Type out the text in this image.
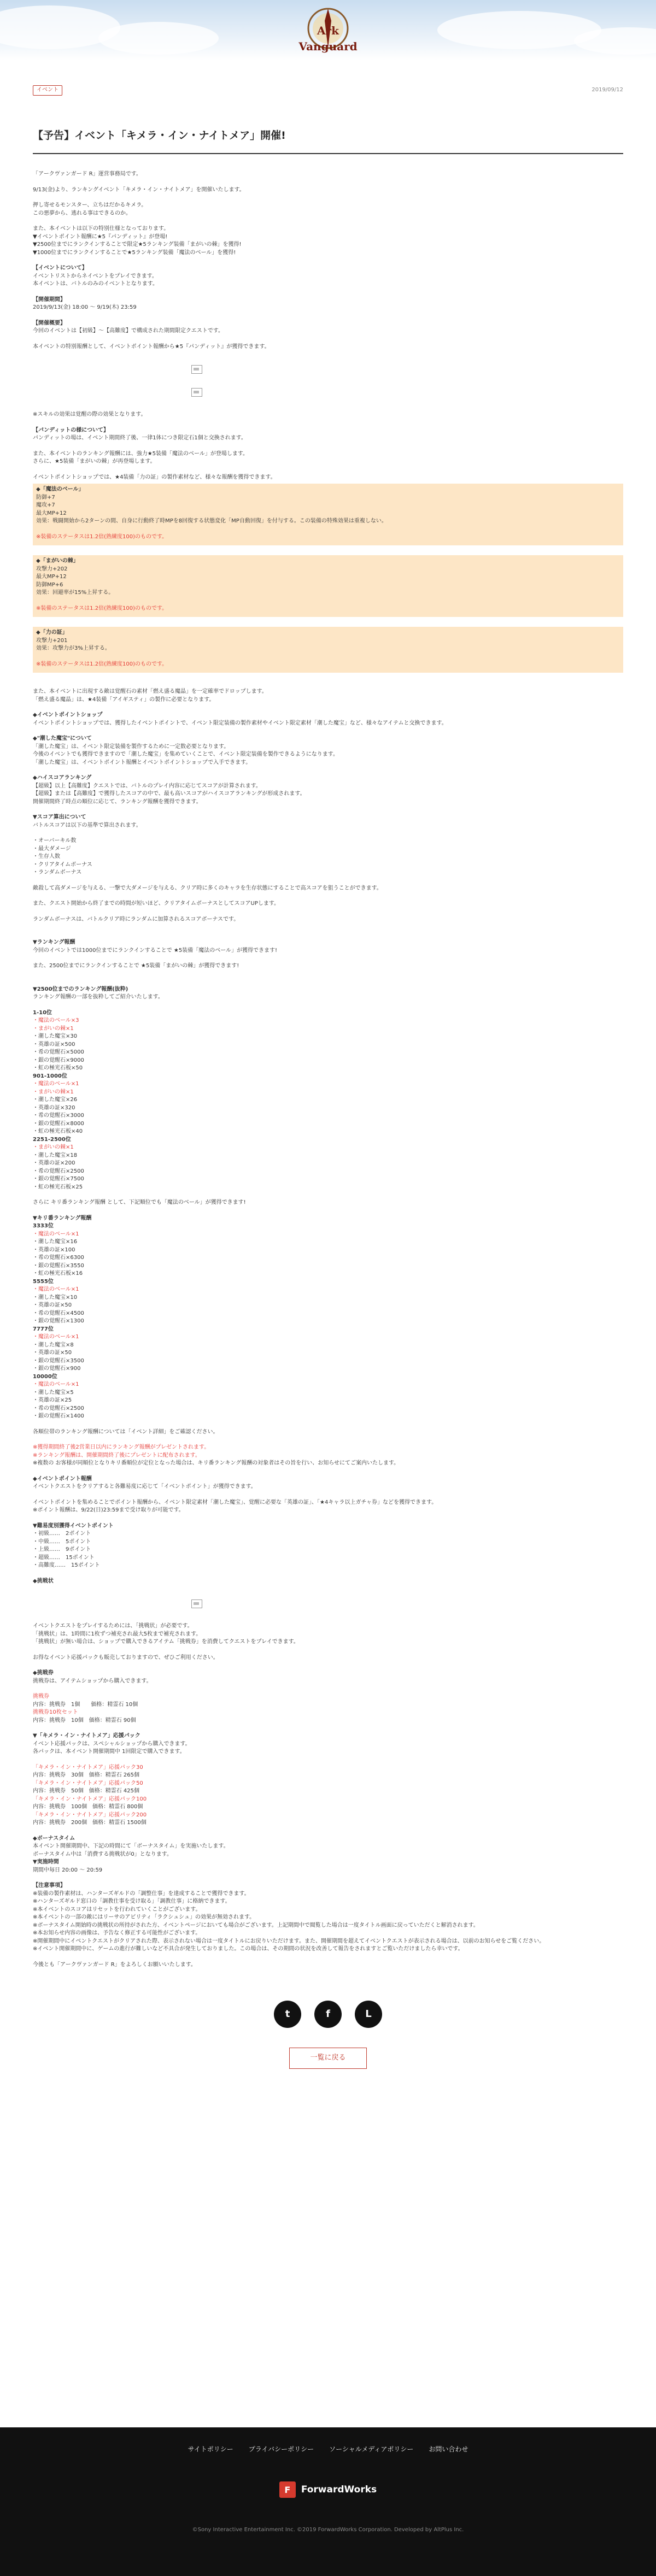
Ark Vanguard
イベント	2019/09/12
【予告】イベント「キメラ・イン・ナイトメア」開催!

「アークヴァンガード R」運営事務局です。

9/13(金)より、ランキングイベント「キメラ・イン・ナイトメア」を開催いたします。

押し寄せるモンスター、立ちはだかるキメラ。

この悪夢から、逃れる事はできるのか。

また、本イベントは以下の特別仕様となっております。

▼イベントポイント報酬に★5『パンディット』が登場!

▼2500位までにランクインすることで限定★5ランキング装備「まがいの棘」を獲得!

▼1000位までにランクインすることで★5ランキング装備「魔法のベール」を獲得!

【イベントについて】

イベントリストからネイベントをプレイできます。

本イベントは、バトルのみのイベントとなります。

【開催期間】

2019/9/13(金) 18:00 ～ 9/19(木) 23:59

【開催概要】

今回のイベントは【初級】～【高難度】で構成された期間限定クエストです。

本イベントの特別報酬として、イベントポイント報酬から★5『パンディット』が獲得できます。

※スキルの効果は覚醒の際の効果となります。

【パンディットの様について】

パンディットの場は、イベント期間終了後、一律1体につき限定石1個と交換されます。

また、本イベントのランキング報酬には、強力★5装備「魔法のベール」が登場します。

さらに、★5装備「まがいの棘」が再登場します。

イベントポイントショップでは、★4装備「力の証」の製作素材など、様々な報酬を獲得できます。

◆「魔法のベール」

防御+7

魔攻+7

最大MP+12

効果：戦闘開始から2ターンの間、自身に行動終了時MPを8回復する状態変化「MP自動回復」を付与する。この装備の特殊効果は重複しない。

※装備のステータスは1.2倍(熟練度100)のものです。

◆「まがいの棘」

攻撃力+202

最大MP+12

防御MP+6

効果：回避率が15%上昇する。

※装備のステータスは1.2倍(熟練度100)のものです。

◆「力の証」

攻撃力+201

効果：攻撃力が3%上昇する。

※装備のステータスは1.2倍(熟練度100)のものです。

また、本イベントに出現する敵は覚醒石の素材「燃え盛る魔晶」を一定確率でドロップします。

「燃え盛る魔晶」は、★4装備「アイギスティ」の製作に必要となります。

◆イベントポイントショップ

イベントポイントショップでは、獲得したイベントポイントで、イベント限定装備の製作素材やイベント限定素材「潮した魔宝」など、様々なアイテムと交換できます。

◆"潮した魔宝"について

「潮した魔宝」は、イベント限定装備を製作するために一定数必要となります。

今後のイベントでも獲得できますので「潮した魔宝」を集めていくことで、イベント限定装備を製作できるようになります。

「潮した魔宝」は、イベントポイント報酬とイベントポイントショップで入手できます。

◆ハイスコアランキング

【超級】以上【高難度】クエストでは、バトルのプレイ内容に応じてスコアが計算されます。

【超級】または【高難度】で獲得したスコアの中で、最も高いスコアがハイスコアランキングが形成されます。

開催期間終了時点の順位に応じて、ランキング報酬を獲得できます。

▼スコア算出について

バトルスコアは以下の基準で算出されます。

・オーバーキル数

・最大ダメージ

・生存人数

・クリアタイムボーナス

・ランダムボーナス

敵殺して高ダメージを与える、一撃で大ダメージを与える、クリア時に多くのキャラを生存状態にすることで高スコアを狙うことができます。

また、クエスト開始から終了までの時間が短いほど、クリアタイムボーナスとしてスコアUPします。

ランダムボーナスは、バトルクリア時にランダムに加算されるスコアボーナスです。

▼ランキング報酬

今回のイベントでは1000位までにランクインすることで ★5装備「魔法のベール」が獲得できます!

また、2500位までにランクインすることで ★5装備「まがいの棘」が獲得できます!

▼2500位までのランキング報酬(抜粋)

ランキング報酬の一部を抜粋してご紹介いたします。

1-10位

・魔法のベール×3

・まがいの棘×1

・潮した魔宝×30

・英雄の証×500

・希の覚醒石×5000

・銀の覚醒石×9000

・虹の極光石板×50

901-1000位

・魔法のベール×1

・まがいの棘×1

・潮した魔宝×26

・英雄の証×320

・希の覚醒石×3000

・銀の覚醒石×8000

・虹の極光石板×40

2251-2500位

・まがいの棘×1

・潮した魔宝×18

・英雄の証×200

・希の覚醒石×2500

・銀の覚醒石×7500

・虹の極光石板×25

さらに キリ番ランキング報酬 として、下記順位でも「魔法のベール」が獲得できます!

▼キリ番ランキング報酬

3333位

・魔法のベール×1

・潮した魔宝×16

・英雄の証×100

・希の覚醒石×6300

・銀の覚醒石×3550

・虹の極光石板×16

5555位

・魔法のベール×1

・潮した魔宝×10

・英雄の証×50

・希の覚醒石×4500

・銀の覚醒石×1300

7777位

・魔法のベール×1

・潮した魔宝×8

・英雄の証×50

・銀の覚醒石×3500

・銀の覚醒石×900

10000位

・魔法のベール×1

・潮した魔宝×5

・英雄の証×25

・希の覚醒石×2500

・銀の覚醒石×1400

各順位帯のランキング報酬については「イベント詳細」をご確認ください。

※獲得期間終了後2営業日以内にランキング報酬がプレゼントされます。

※ランキング報酬は、開催期間終了後にプレゼントに配布されます。

※複数の お客様が同順位となりキリ番順位が定位となった場合は、キリ番ランキング報酬の対象者はその旨を行い、お知らせにてご案内いたします。

◆イベントポイント報酬

イベントクエストをクリアすると各難易度に応じて「イベントポイント」が獲得できます。

イベントポイントを集めることでポイント報酬から、イベント限定素材「潮した魔宝」、覚醒に必要な「英雄の証」、「★4キャラ以上ガチャ券」などを獲得できます。

※ポイント報酬は、9/22(日)23:59まで受け取りが可能です。

▼難易度別獲得イベントポイント

・初級……　2ポイント

・中級……　5ポイント

・上級……　9ポイント

・超級……　15ポイント

・高難度……　15ポイント

◆挑戦状

イベントクエストをプレイするためには、「挑戦状」が必要です。

「挑戦状」は、1時間に1枚ずつ補充され最大5枚まで補充されます。

「挑戦状」が無い場合は、ショップで購入できるアイテム「挑戦券」を消費してクエストをプレイできます。

お得なイベント応援パックも販売しておりますので、ぜひご利用ください。

◆挑戦券

挑戦券は、アイテムショップから購入できます。

挑戦券

内容：挑戦券　1個　　価格：精霊石 10個

挑戦券10枚セット

内容：挑戦券　10個　価格：精霊石 90個

▼「キメラ・イン・ナイトメア」応援パック

イベント応援パックは、スペシャルショップから購入できます。

各パックは、本イベント開催期間中 1回限定で購入できます。

「キメラ・イン・ナイトメア」応援パック30

内容：挑戦券　30個　価格：精霊石 265個

「キメラ・イン・ナイトメア」応援パック50

内容：挑戦券　50個　価格：精霊石 425個

「キメラ・イン・ナイトメア」応援パック100

内容：挑戦券　100個　価格：精霊石 800個

「キメラ・イン・ナイトメア」応援パック200

内容：挑戦券　200個　価格：精霊石 1500個

◆ボーナスタイム

本イベント開催期間中、下記の時間にて「ボーナスタイム」を実施いたします。

ボーナスタイム中は「消費する挑戦状が0」となります。

▼実施時間

期間中毎日 20:00 ～ 20:59

【注意事項】

※装備の製作素材は、ハンターズギルドの「調整仕事」を達成することで獲得できます。

※ハンターズギルド窓口の「調教仕事を受け取る」「調教仕事」に格納できます。

※本イベントのスコアはリセットを行われていくことがございます。

※本イベントの一部の敵にはリーサのアビリティ「ラクシュシュ」の効果が無効されます。

※ボーナスタイム開始時の挑戦状の所持がされた方、イベントページにおいても場合がございます。上記期間中で閲覧した場合は一度タイトル画面に戻っていただくと解消されます。

※本お知らせ内容の画像は、予告なく修正する可能性がございます。

※開催期間中にイベントクエストがクリアされた際、表示されない場合は一度タイトルにお戻りいただけます。また、開催期間を超えてイベントクエストが表示される場合は、以前のお知らせをご覧ください。

※イベント開催期間中に、ゲームの進行が難しいなど不具合が発生しておりました。この場合は、その期間の状況を改善して報告をされますとご覧いただけましたら幸いです。

今後とも「アークヴァンガード R」をよろしくお願いいたします。

t	f	L
一覧に戻る
サイトポリシー プライバシーポリシー ソーシャルメディアポリシー お問い合わせ
F	ForwardWorks
©Sony Interactive Entertainment Inc. ©2019 ForwardWorks Corporation. Developed by AltPlus Inc.
